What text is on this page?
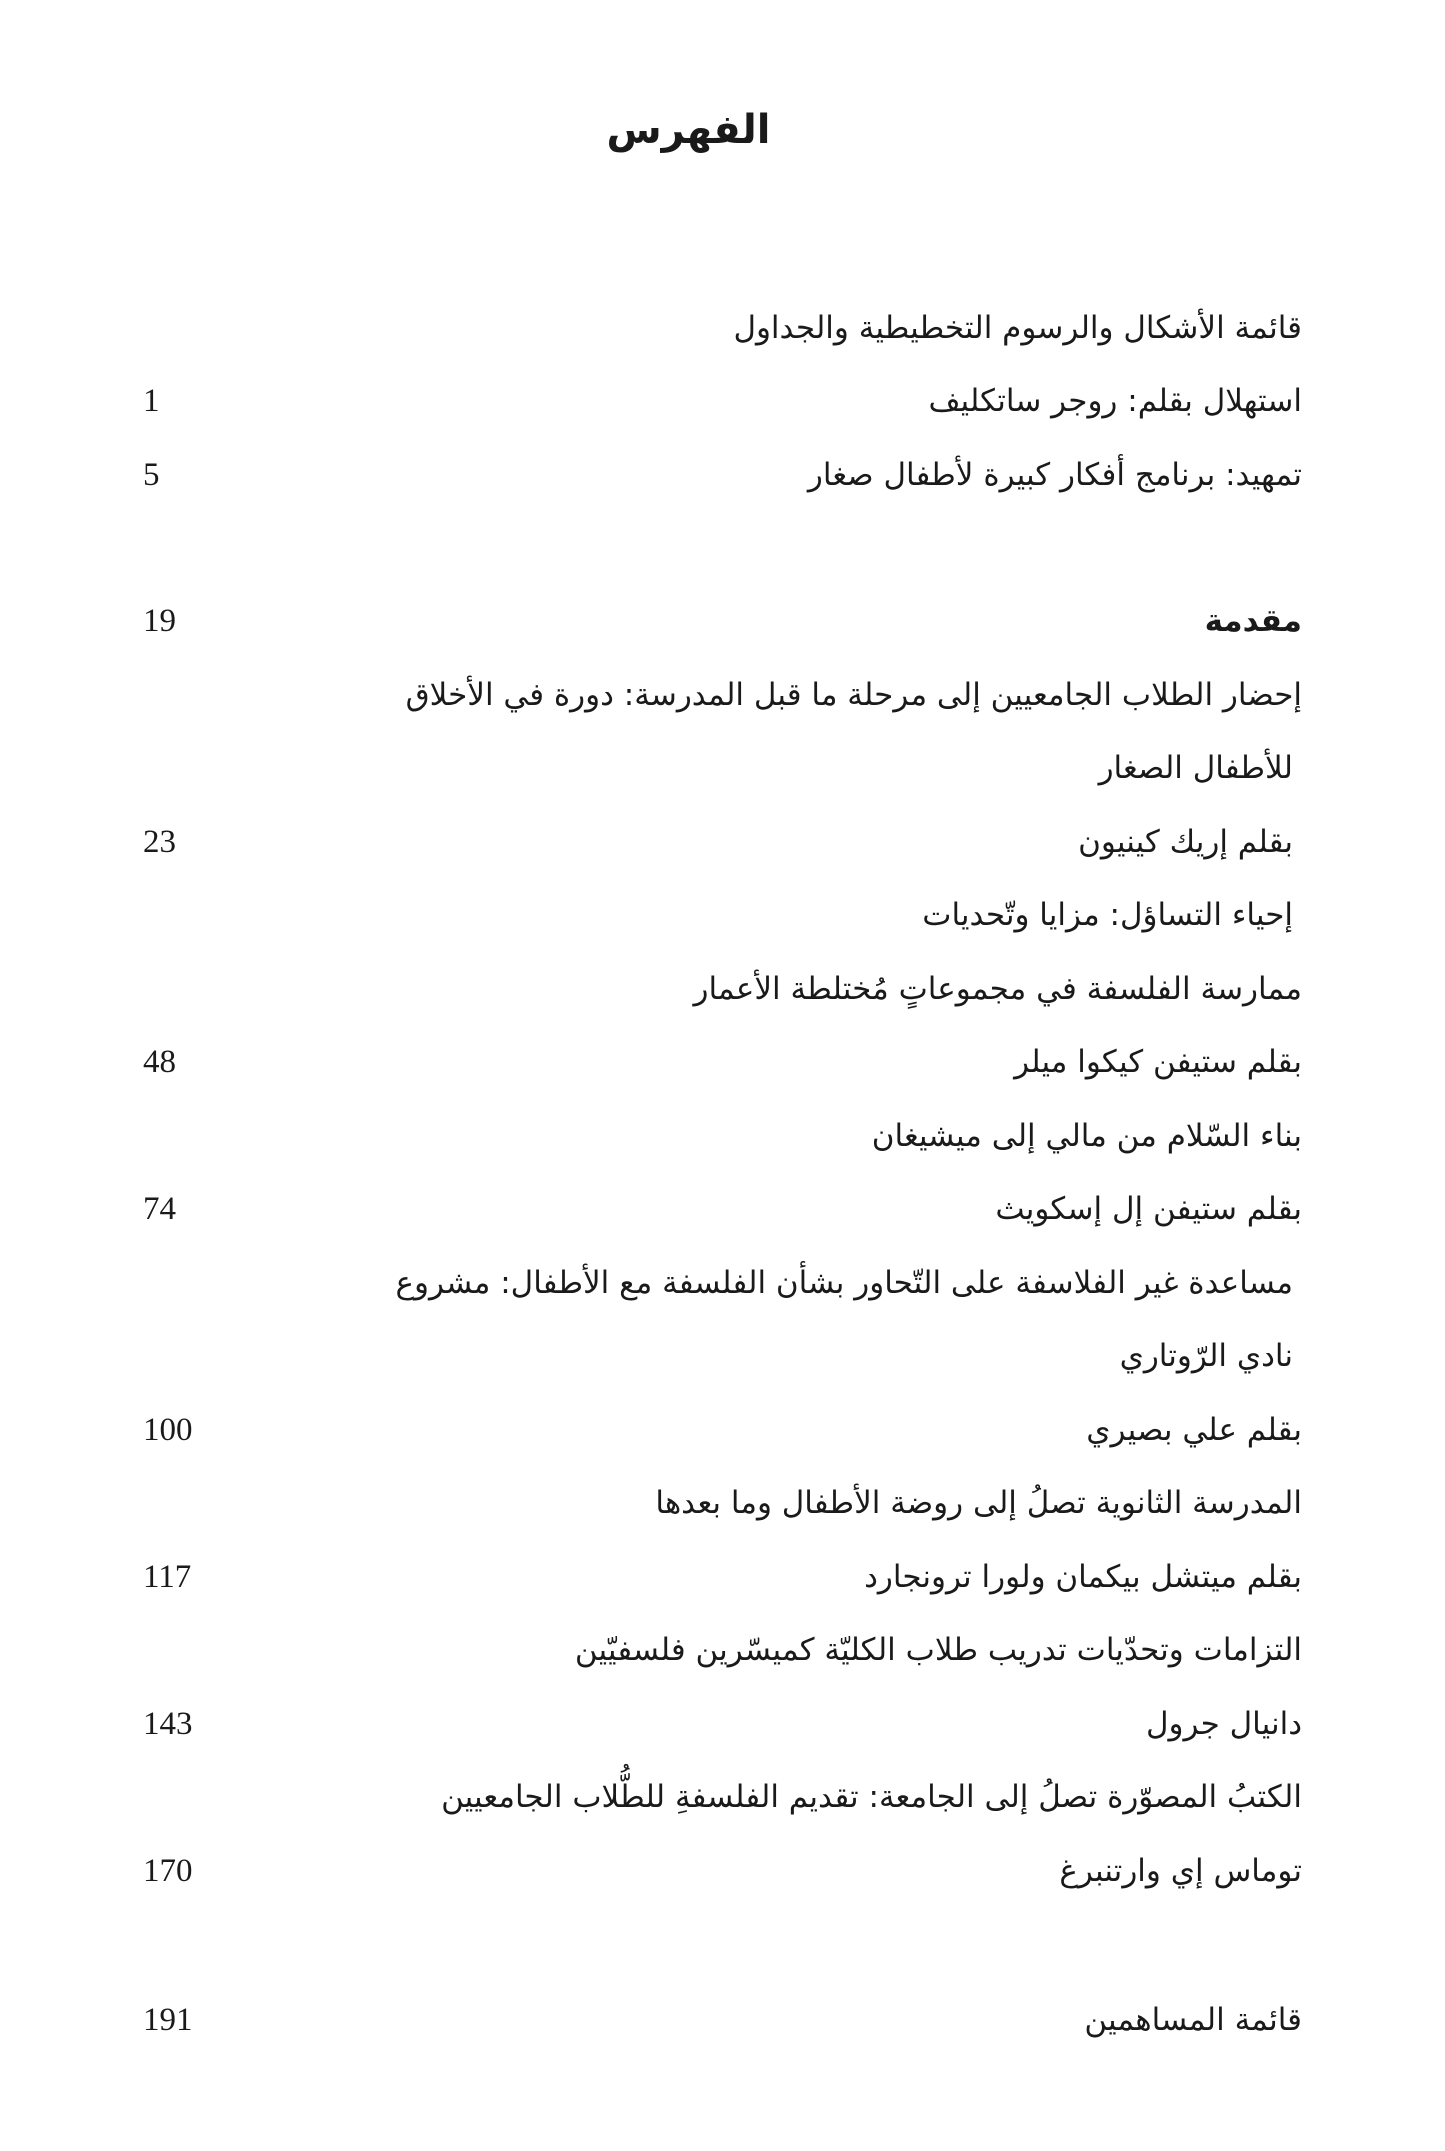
الفهرس
قائمة الأشكال والرسوم التخطيطية والجداول
استهلال بقلم: روجر ساتكليف
1
تمهيد: برنامج أفكار كبيرة لأطفال صغار
5
مقدمة
19
إحضار الطلاب الجامعيين إلى مرحلة ما قبل المدرسة: دورة في الأخلاق
للأطفال الصغار
بقلم إريك كينيون
23
إحياء التساؤل: مزايا وتّحديات
ممارسة الفلسفة في مجموعاتٍ مُختلطة الأعمار
بقلم ستيفن كيكوا ميلر
48
بناء السّلام من مالي إلى ميشيغان
بقلم ستيفن إل إسكويث
74
مساعدة غير الفلاسفة على التّحاور بشأن الفلسفة مع الأطفال: مشروع
نادي الرّوتاري
بقلم علي بصيري
100
المدرسة الثانوية تصلُ إلى روضة الأطفال وما بعدها
بقلم ميتشل بيكمان ولورا ترونجارد
117
التزامات وتحدّيات تدريب طلاب الكليّة كميسّرين فلسفيّين
دانيال جرول
143
الكتبُ المصوّرة تصلُ إلى الجامعة: تقديم الفلسفةِ للطُّلاب الجامعيين
توماس إي وارتنبرغ
170
قائمة المساهمين
191
